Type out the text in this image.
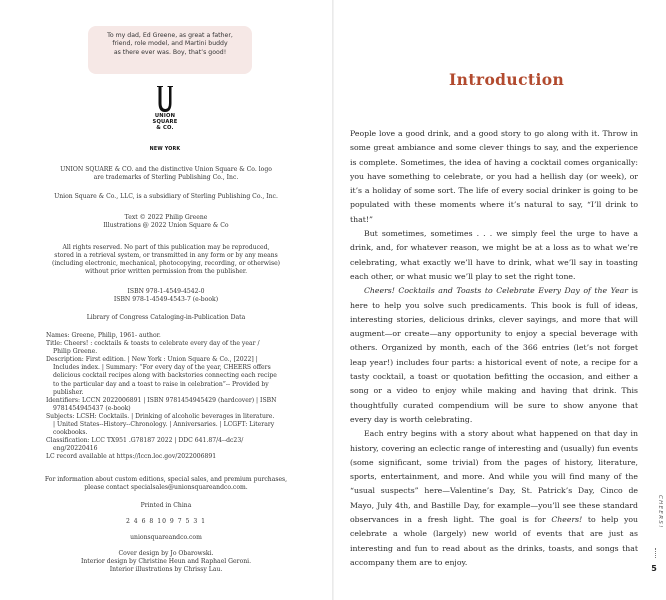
To my dad, Ed Greene, as great a father,
friend, role model, and Martini buddy
as there ever was. Boy, that’s good!
UNION
SQUARE
& CO.
NEW YORK
UNION SQUARE & CO. and the distinctive Union Square & Co. logo
are trademarks of Sterling Publishing Co., Inc.
Union Square & Co., LLC, is a subsidiary of Sterling Publishing Co., Inc.
Text © 2022 Philip Greene
Illustrations @ 2022 Union Square & Co
All rights reserved. No part of this publication may be reproduced,
stored in a retrieval system, or transmitted in any form or by any means
(including electronic, mechanical, photocopying, recording, or otherwise)
without prior written permission from the publisher.
ISBN 978-1-4549-4542-0
ISBN 978-1-4549-4543-7 (e-book)
Library of Congress Cataloging-in-Publication Data
Names: Greene, Philip, 1961- author.
Title: Cheers! : cocktails & toasts to celebrate every day of the year /
Philip Greene.
Description: First edition. | New York : Union Square & Co., [2022] |
Includes index. | Summary: “For every day of the year, CHEERS offers
delicious cocktail recipes along with backstories connecting each recipe
to the particular day and a toast to raise in celebration”-- Provided by
publisher.
Identifiers: LCCN 2022006891 | ISBN 9781454945429 (hardcover) | ISBN
9781454945437 (e-book)
Subjects: LCSH: Cocktails. | Drinking of alcoholic beverages in literature.
| United States--History--Chronology. | Anniversaries. | LCGFT: Literary
cookbooks.
Classification: LCC TX951 .G78187 2022 | DDC 641.87/4--dc23/
eng/20220416
LC record available at https://lccn.loc.gov/2022006891
For information about custom editions, special sales, and premium purchases,
please contact specialsales@unionsquareandco.com.
Printed in China
2 4 6 8 10 9 7 5 3 1
unionsquareandco.com
Cover design by Jo Obarowski.
Interior design by Christine Heun and Raphael Geroni.
Interior illustrations by Chrissy Lau.
Introduction

People love a good drink, and a good story to go along with it. Throw in some great ambiance and some clever things to say, and the experience is complete. Sometimes, the idea of having a cocktail comes organically: you have something to celebrate, or you had a hellish day (or week), or it’s a holiday of some sort. The life of every social drinker is going to be populated with these moments where it’s natural to say, “I’ll drink to that!”

But sometimes, sometimes . . . we simply feel the urge to have a drink, and, for whatever reason, we might be at a loss as to what we’re celebrating, what exactly we’ll have to drink, what we’ll say in toasting each other, or what music we’ll play to set the right tone.

Cheers! Cocktails and Toasts to Celebrate Every Day of the Year is here to help you solve such predicaments. This book is full of ideas, interesting stories, delicious drinks, clever sayings, and more that will augment—or create—any opportunity to enjoy a special beverage with others. Organized by month, each of the 366 entries (let’s not forget leap year!) includes four parts: a historical event of note, a recipe for a tasty cocktail, a toast or quotation befitting the occasion, and either a song or a video to enjoy while making and having that drink. This thoughtfully curated compendium will be sure to show anyone that every day is worth celebrating.

Each entry begins with a story about what happened on that day in history, covering an eclectic range of interesting and (usually) fun events (some significant, some trivial) from the pages of history, literature, sports, entertainment, and more. And while you will find many of the “usual suspects” here—Valentine’s Day, St. Patrick’s Day, Cinco de Mayo, July 4th, and Bastille Day, for example—you’ll see these standard observances in a fresh light. The goal is for Cheers! to help you celebrate a whole (largely) new world of events that are just as interesting and fun to read about as the drinks, toasts, and songs that accompany them are to enjoy.

CHEERS!
5
